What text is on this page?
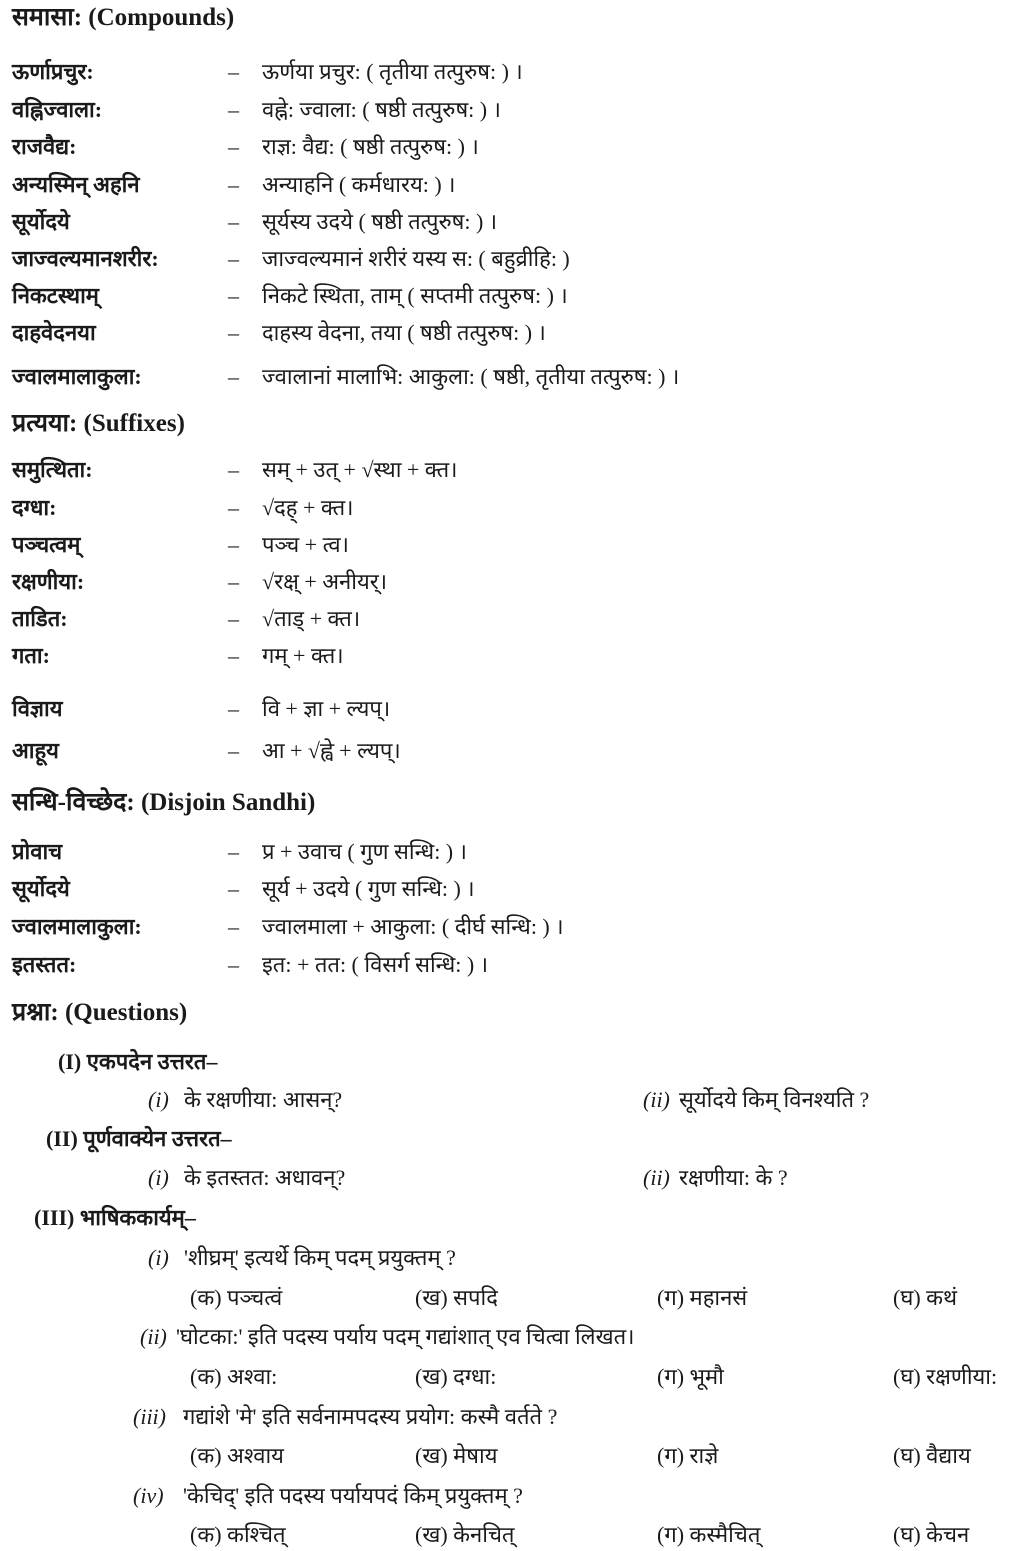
समासा: (Compounds)
ऊर्णाप्रचुर:	– ऊर्णया प्रचुर: ( तृतीया तत्पुरुष: ) ।
वह्निज्वाला:	– वह्ने: ज्वाला: ( षष्ठी तत्पुरुष: ) ।
राजवैद्य:	– राज्ञ: वैद्य: ( षष्ठी तत्पुरुष: ) ।
अन्यस्मिन् अहनि	– अन्याहनि ( कर्मधारय: ) ।
सूर्योदये	– सूर्यस्य उदये ( षष्ठी तत्पुरुष: ) ।
जाज्वल्यमानशरीर:	– जाज्वल्यमानं शरीरं यस्य स: ( बहुव्रीहि: )
निकटस्थाम्	– निकटे स्थिता, ताम् ( सप्तमी तत्पुरुष: ) ।
दाहवेदनया	– दाहस्य वेदना, तया ( षष्ठी तत्पुरुष: ) ।
ज्वालमालाकुला:	– ज्वालानां मालाभि: आकुला: ( षष्ठी, तृतीया तत्पुरुष: ) ।
प्रत्यया: (Suffixes)
समुत्थिता:	– सम् + उत् + √स्था + क्त।
दग्धा:	– √दह् + क्त।
पञ्चत्वम्	– पञ्च + त्व।
रक्षणीया:	– √रक्ष् + अनीयर्।
ताडित:	– √ताड् + क्त।
गता:	– गम् + क्त।
विज्ञाय	– वि + ज्ञा + ल्यप्।
आहूय	– आ + √ह्वे + ल्यप्।
सन्धि-विच्छेद: (Disjoin Sandhi)
प्रोवाच	– प्र + उवाच ( गुण सन्धि: ) ।
सूर्योदये	– सूर्य + उदये ( गुण सन्धि: ) ।
ज्वालमालाकुला:	– ज्वालमाला + आकुला: ( दीर्घ सन्धि: ) ।
इतस्तत:	– इत: + तत: ( विसर्ग सन्धि: ) ।
प्रश्ना: (Questions)
(I) एकपदेन उत्तरत–
(i) के रक्षणीया: आसन्?	(ii) सूर्योदये किम् विनश्यति ?
(II) पूर्णवाक्येन उत्तरत–
(i) के इतस्तत: अधावन्?	(ii) रक्षणीया: के ?
(III) भाषिककार्यम्–
(i) 'शीघ्रम्' इत्यर्थे किम् पदम् प्रयुक्तम् ?
(क) पञ्चत्वं	(ख) सपदि	(ग) महानसं	(घ) कथं
(ii) 'घोटका:' इति पदस्य पर्याय पदम् गद्यांशात् एव चित्वा लिखत।
(क) अश्वा:	(ख) दग्धा:	(ग) भूमौ	(घ) रक्षणीया:
(iii) गद्यांशे 'मे' इति सर्वनामपदस्य प्रयोग: कस्मै वर्तते ?
(क) अश्वाय	(ख) मेषाय	(ग) राज्ञे	(घ) वैद्याय
(iv) 'केचिद्' इति पदस्य पर्यायपदं किम् प्रयुक्तम् ?
(क) कश्चित्	(ख) केनचित्	(ग) कस्मैचित्	(घ) केचन
